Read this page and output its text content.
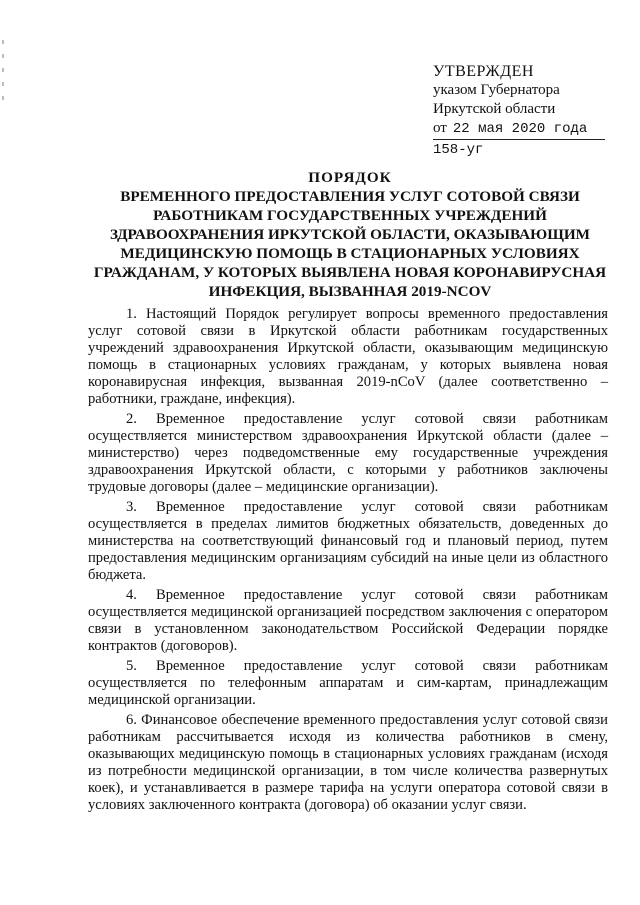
УТВЕРЖДЕН
указом Губернатора
Иркутской области
от 22 мая 2020 года
158-уг
ПОРЯДОК
ВРЕМЕННОГО ПРЕДОСТАВЛЕНИЯ УСЛУГ СОТОВОЙ СВЯЗИ
РАБОТНИКАМ ГОСУДАРСТВЕННЫХ УЧРЕЖДЕНИЙ
ЗДРАВООХРАНЕНИЯ ИРКУТСКОЙ ОБЛАСТИ, ОКАЗЫВАЮЩИМ
МЕДИЦИНСКУЮ ПОМОЩЬ В СТАЦИОНАРНЫХ УСЛОВИЯХ
ГРАЖДАНАМ, У КОТОРЫХ ВЫЯВЛЕНА НОВАЯ КОРОНАВИРУСНАЯ
ИНФЕКЦИЯ, ВЫЗВАННАЯ 2019-NCOV

1. Настоящий Порядок регулирует вопросы временного предоставления услуг сотовой связи в Иркутской области работникам государственных учреждений здравоохранения Иркутской области, оказывающим медицинскую помощь в стационарных условиях гражданам, у которых выявлена новая коронавирусная инфекция, вызванная 2019-nCoV (далее соответственно – работники, граждане, инфекция).

2. Временное предоставление услуг сотовой связи работникам осуществляется министерством здравоохранения Иркутской области (далее – министерство) через подведомственные ему государственные учреждения здравоохранения Иркутской области, с которыми у работников заключены трудовые договоры (далее – медицинские организации).

3. Временное предоставление услуг сотовой связи работникам осуществляется в пределах лимитов бюджетных обязательств, доведенных до министерства на соответствующий финансовый год и плановый период, путем предоставления медицинским организациям субсидий на иные цели из областного бюджета.

4. Временное предоставление услуг сотовой связи работникам осуществляется медицинской организацией посредством заключения с оператором связи в установленном законодательством Российской Федерации порядке контрактов (договоров).

5. Временное предоставление услуг сотовой связи работникам осуществляется по телефонным аппаратам и сим-картам, принадлежащим медицинской организации.

6. Финансовое обеспечение временного предоставления услуг сотовой связи работникам рассчитывается исходя из количества работников в смену, оказывающих медицинскую помощь в стационарных условиях гражданам (исходя из потребности медицинской организации, в том числе количества развернутых коек), и устанавливается в размере тарифа на услуги оператора сотовой связи в условиях заключенного контракта (договора) об оказании услуг связи.
